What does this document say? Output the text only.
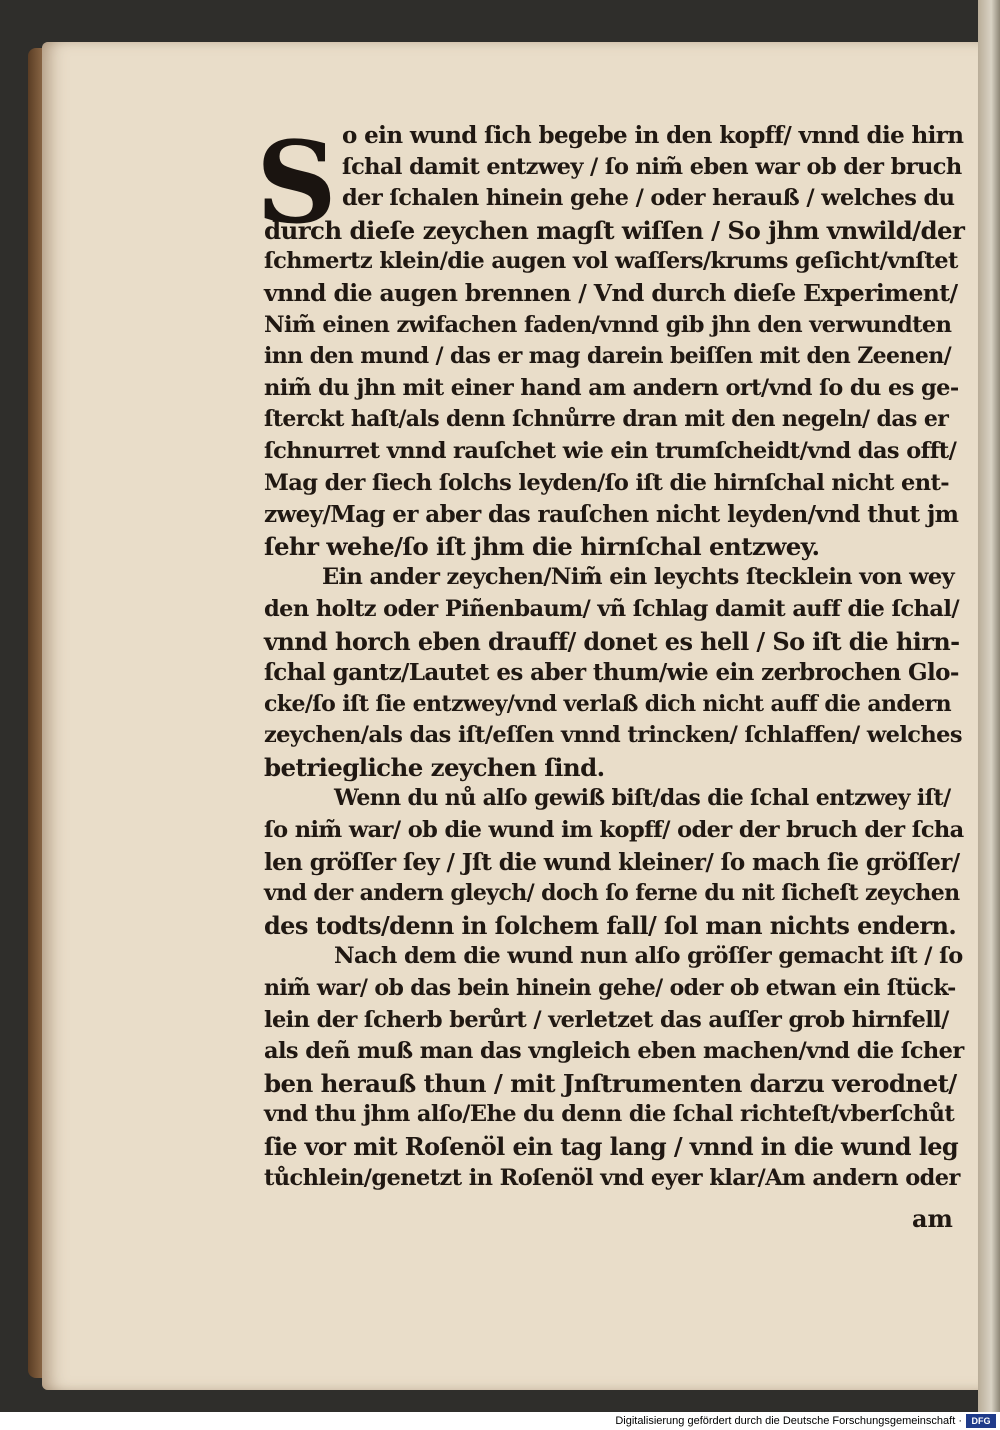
S o ein wund ſich begebe in den kopff/ vnnd die hirn
ſchal damit entzwey / ſo nim̃ eben war ob der bruch
der ſchalen hinein gehe / oder herauß / welches du
durch dieſe zeychen magſt wiſſen / So jhm vnwild/der
ſchmertz klein/die augen vol waſſers/krums geſicht/vnſtet
vnnd die augen brennen / Vnd durch dieſe Experiment/
Nim̃ einen zwifachen faden/vnnd gib jhn den verwundten
inn den mund / das er mag darein beiſſen mit den Zeenen/
nim̃ du jhn mit einer hand am andern ort/vnd ſo du es ge-
ſterckt haſt/als denn ſchnůrre dran mit den negeln/ das er
ſchnurret vnnd rauſchet wie ein trumſcheidt/vnd das offt/
Mag der ſiech ſolchs leyden/ſo iſt die hirnſchal nicht ent-
zwey/Mag er aber das rauſchen nicht leyden/vnd thut jm
ſehr wehe/ſo iſt jhm die hirnſchal entzwey.
Ein ander zeychen/Nim̃ ein leychts ſtecklein von wey
den holtz oder Piñenbaum/ vñ ſchlag damit auff die ſchal/
vnnd horch eben drauff/ donet es hell / So iſt die hirn-
ſchal gantz/Lautet es aber thum/wie ein zerbrochen Glo-
cke/ſo iſt ſie entzwey/vnd verlaß dich nicht auff die andern
zeychen/als das iſt/eſſen vnnd trincken/ ſchlaffen/ welches
betriegliche zeychen ſind.
Wenn du nů alſo gewiß biſt/das die ſchal entzwey iſt/
ſo nim̃ war/ ob die wund im kopff/ oder der bruch der ſcha
len gröſſer ſey / Jſt die wund kleiner/ ſo mach ſie gröſſer/
vnd der andern gleych/ doch ſo ferne du nit ſicheſt zeychen
des todts/denn in ſolchem fall/ ſol man nichts endern.
Nach dem die wund nun alſo gröſſer gemacht iſt / ſo
nim̃ war/ ob das bein hinein gehe/ oder ob etwan ein ſtück-
lein der ſcherb berůrt / verletzet das auſſer grob hirnfell/
als deñ muß man das vngleich eben machen/vnd die ſcher
ben herauß thun / mit Jnſtrumenten darzu verodnet/
vnd thu jhm alſo/Ehe du denn die ſchal richteſt/vberſchůt
ſie vor mit Roſenöl ein tag lang / vnnd in die wund leg
tůchlein/genetzt in Roſenöl vnd eyer klar/Am andern oder
am
Digitalisierung gefördert durch die Deutsche Forschungsgemeinschaft ·	DFG
